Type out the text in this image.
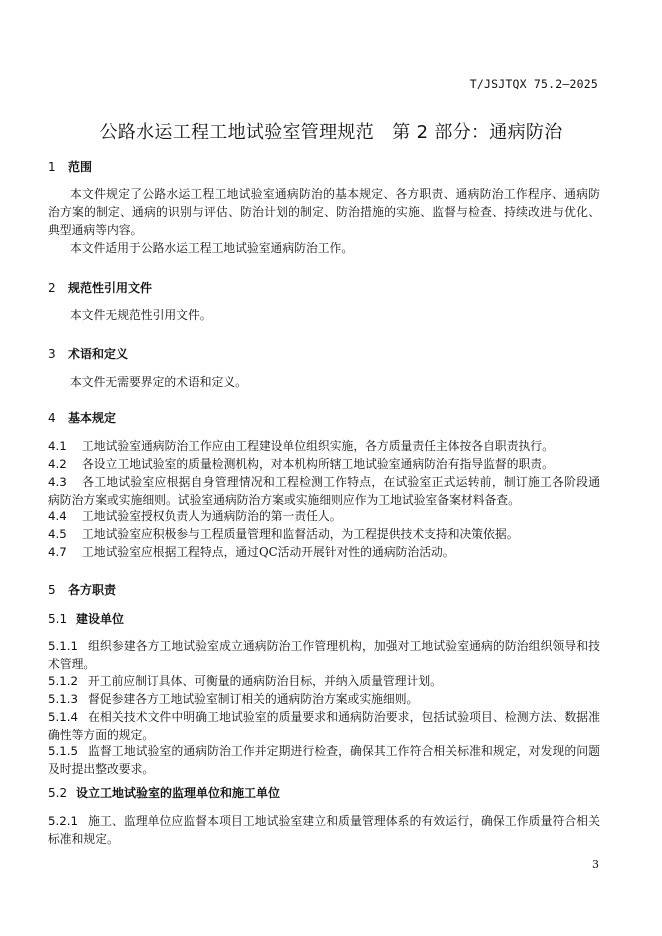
T/JSJTQX 75.2—2025
公路水运工程工地试验室管理规范　第 2 部分：通病防治
1 范围
本文件规定了公路水运工程工地试验室通病防治的基本规定、各方职责、通病防治工作程序、通病防治方案的制定、通病的识别与评估、防治计划的制定、防治措施的实施、监督与检查、持续改进与优化、典型通病等内容。
本文件适用于公路水运工程工地试验室通病防治工作。
2 规范性引用文件
本文件无规范性引用文件。
3 术语和定义
本文件无需要界定的术语和定义。
4 基本规定
4.1 工地试验室通病防治工作应由工程建设单位组织实施，各方质量责任主体按各自职责执行。
4.2 各设立工地试验室的质量检测机构，对本机构所辖工地试验室通病防治有指导监督的职责。
4.3 各工地试验室应根据自身管理情况和工程检测工作特点，在试验室正式运转前，制订施工各阶段通病防治方案或实施细则。试验室通病防治方案或实施细则应作为工地试验室备案材料备查。
4.4 工地试验室授权负责人为通病防治的第一责任人。
4.5 工地试验室应积极参与工程质量管理和监督活动，为工程提供技术支持和决策依据。
4.7 工地试验室应根据工程特点，通过QC活动开展针对性的通病防治活动。
5 各方职责
5.1 建设单位
5.1.1 组织参建各方工地试验室成立通病防治工作管理机构，加强对工地试验室通病的防治组织领导和技术管理。
5.1.2 开工前应制订具体、可衡量的通病防治目标，并纳入质量管理计划。
5.1.3 督促参建各方工地试验室制订相关的通病防治方案或实施细则。
5.1.4 在相关技术文件中明确工地试验室的质量要求和通病防治要求，包括试验项目、检测方法、数据准确性等方面的规定。
5.1.5 监督工地试验室的通病防治工作并定期进行检查，确保其工作符合相关标准和规定，对发现的问题及时提出整改要求。
5.2 设立工地试验室的监理单位和施工单位
5.2.1 施工、监理单位应监督本项目工地试验室建立和质量管理体系的有效运行，确保工作质量符合相关标准和规定。
3
